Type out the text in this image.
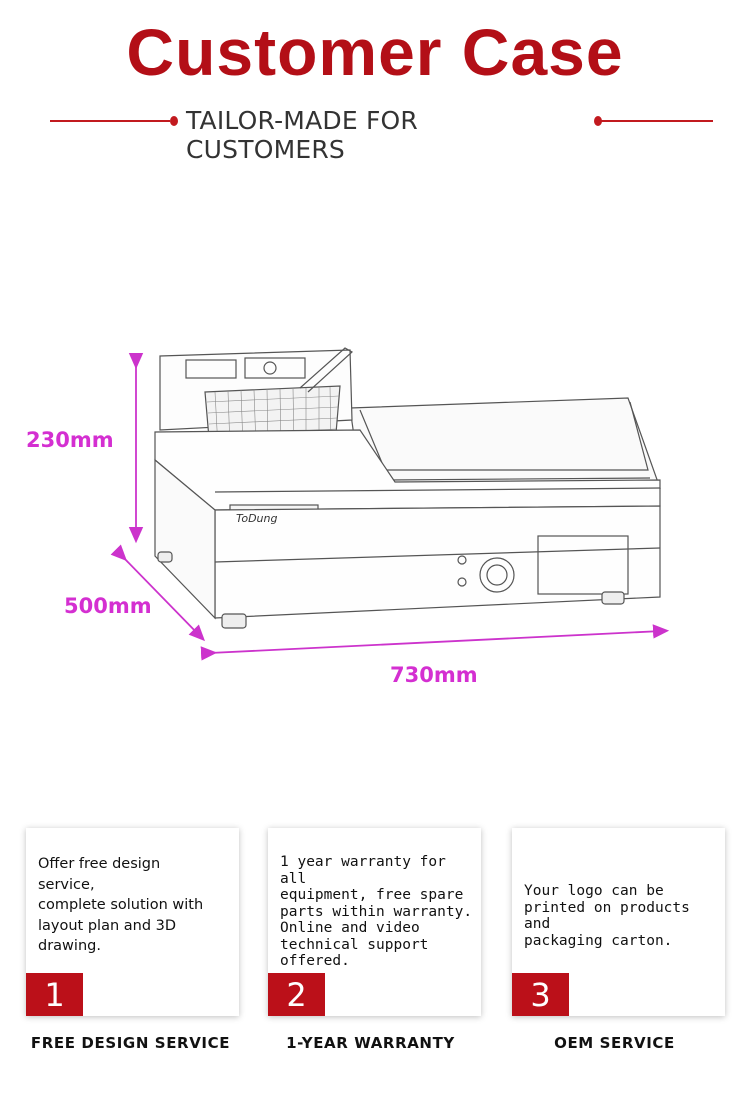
Customer Case
TAILOR-MADE FOR CUSTOMERS
ToDung
230mm
500mm
730mm
Offer free design
service,
complete solution with
layout plan and 3D
drawing.
1
1 year warranty for all
equipment, free spare
parts within warranty.
Online and video
technical support
offered.
2
Your logo can be
printed on products and
packaging carton.
3
FREE DESIGN SERVICE	1-YEAR WARRANTY	OEM SERVICE
